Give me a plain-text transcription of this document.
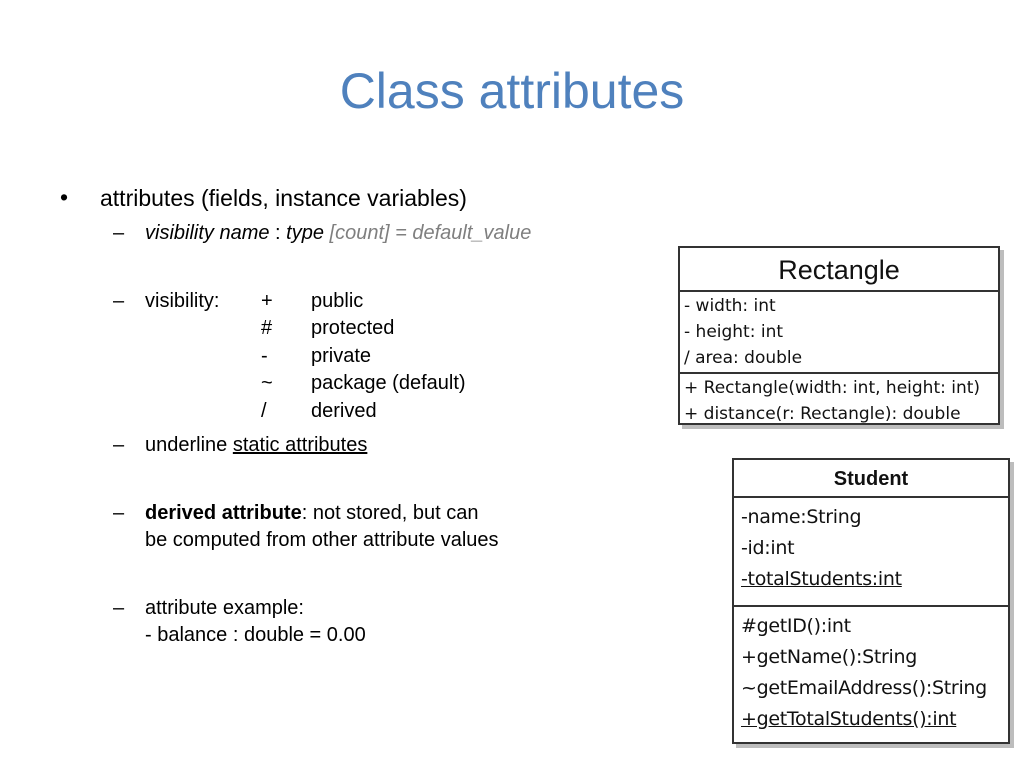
Class attributes
• attributes (fields, instance variables)
– visibility name : type [count] = default_value
– visibility: + public
# protected
- private
~ package (default)
/ derived
– underline static attributes
– derived attribute: not stored, but can
be computed from other attribute values
– attribute example:
- balance : double = 0.00
Rectangle
- width: int
- height: int
/ area: double
+ Rectangle(width: int, height: int)
+ distance(r: Rectangle): double
Student
-name:String
-id:int
-totalStudents:int
#getID():int
+getName():String
~getEmailAddress():String
+getTotalStudents():int
